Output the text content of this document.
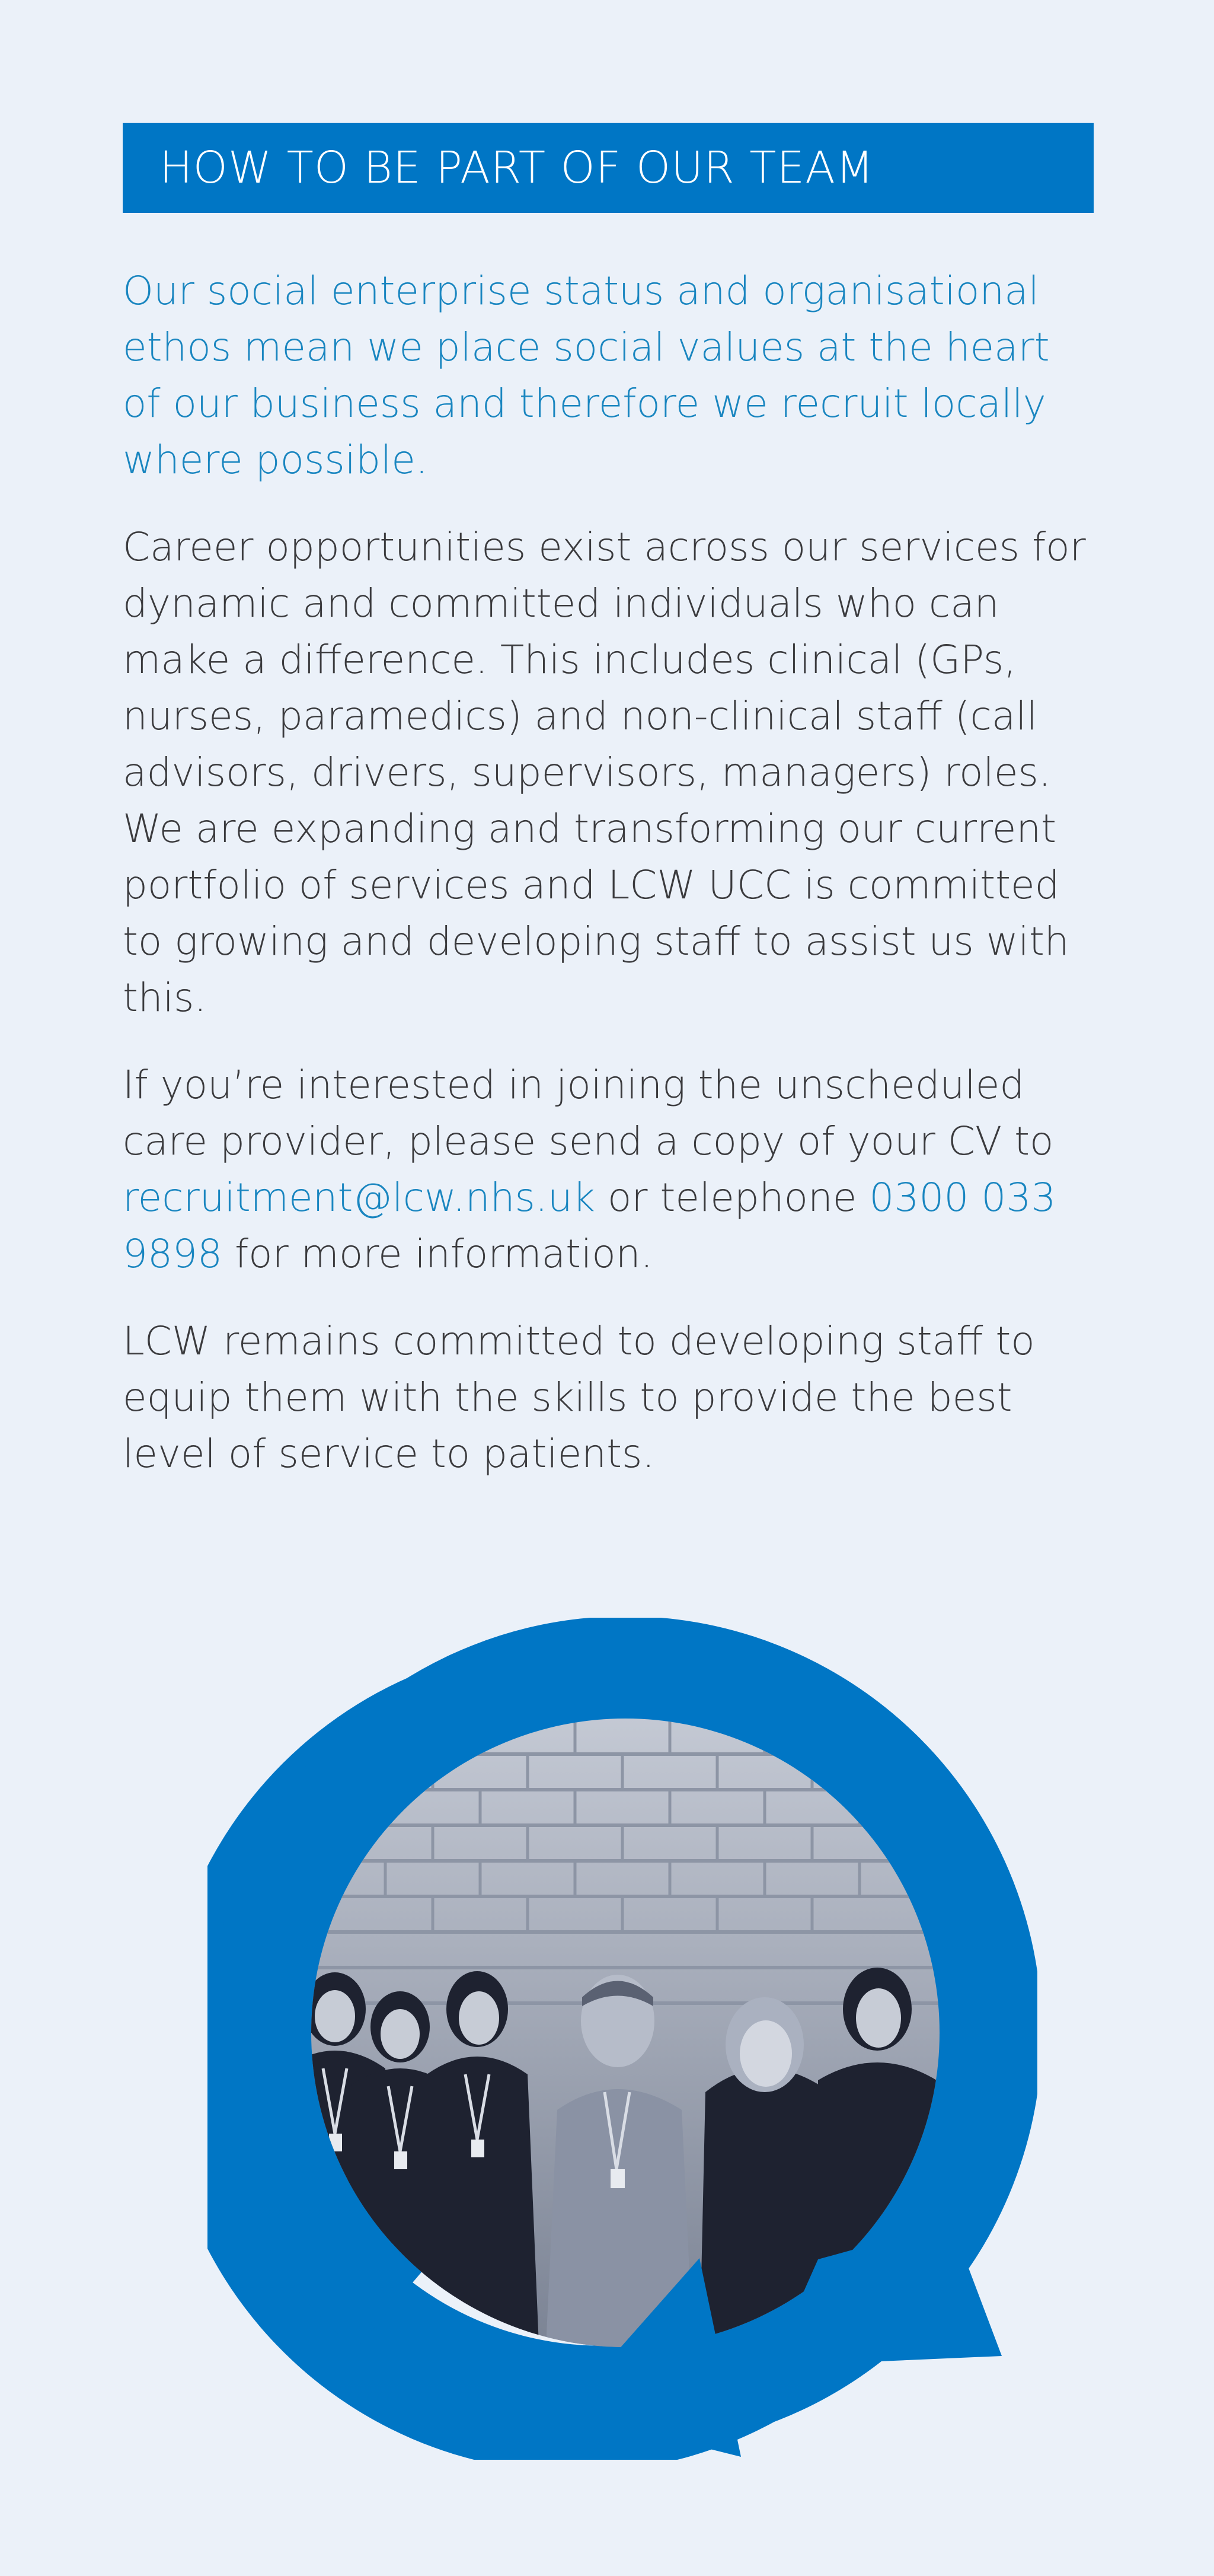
HOW TO BE PART OF OUR TEAM

Our social enterprise status and organisational ethos mean we place social values at the heart of our business and therefore we recruit locally where possible.

Career opportunities exist across our services for dynamic and committed individuals who can make a difference. This includes clinical (GPs, nurses, paramedics) and non-clinical staff (call advisors, drivers, supervisors, managers) roles. We are expanding and transforming our current portfolio of services and LCW UCC is committed to growing and developing staff to assist us with this.

If you’re interested in joining the unscheduled care provider, please send a copy of your CV to recruitment@lcw.nhs.uk or telephone 0300 033 9898 for more information.

LCW remains committed to developing staff to equip them with the skills to provide the best level of service to patients.
